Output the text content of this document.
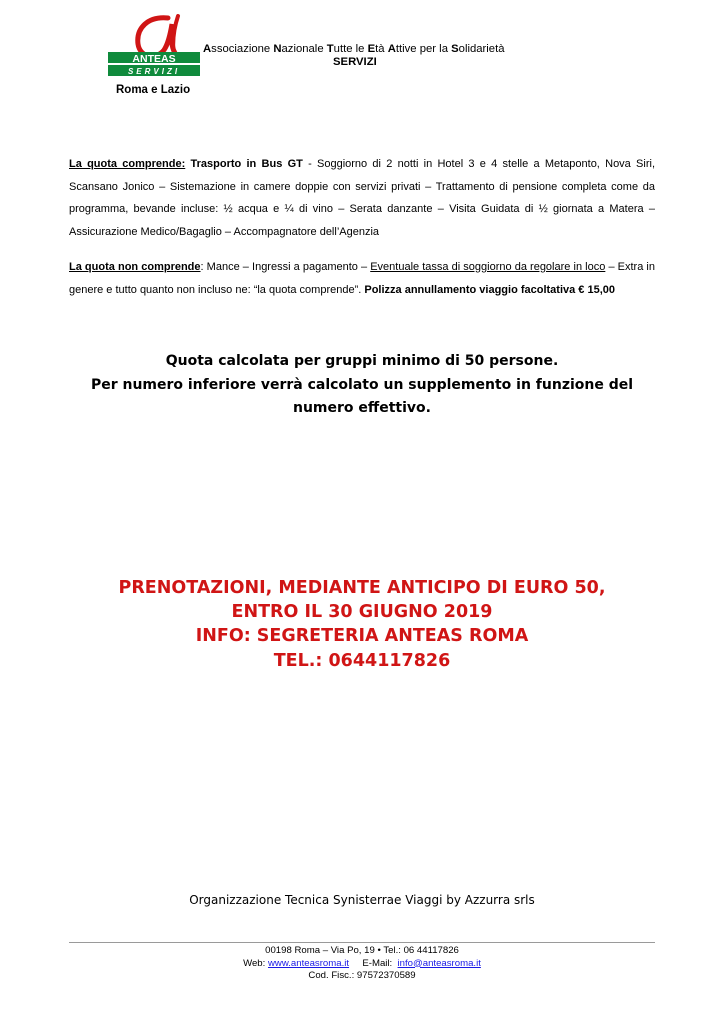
ANTEAS
SERVIZI
Roma e Lazio
Associazione Nazionale Tutte le Età Attive per la Solidarietà
SERVIZI
La quota comprende: Trasporto in Bus GT - Soggiorno di 2 notti in Hotel 3 e 4 stelle a Metaponto, Nova Siri, Scansano Jonico – Sistemazione in camere doppie con servizi privati – Trattamento di pensione completa come da programma, bevande incluse: ½ acqua e ¼ di vino – Serata danzante – Visita Guidata di ½ giornata a Matera – Assicurazione Medico/Bagaglio – Accompagnatore dell’Agenzia
La quota non comprende: Mance – Ingressi a pagamento – Eventuale tassa di soggiorno da regolare in loco – Extra in genere e tutto quanto non incluso ne: “la quota comprende”. Polizza annullamento viaggio facoltativa € 15,00
Quota calcolata per gruppi minimo di 50 persone.
Per numero inferiore verrà calcolato un supplemento in funzione del numero effettivo.
PRENOTAZIONI, MEDIANTE ANTICIPO DI EURO 50,
ENTRO IL 30 GIUGNO 2019
INFO: SEGRETERIA ANTEAS ROMA
TEL.: 0644117826
Organizzazione Tecnica Synisterrae Viaggi by Azzurra srls
00198 Roma – Via Po, 19 • Tel.: 06 44117826
Web: www.anteasroma.it     E-Mail:  info@anteasroma.it
Cod. Fisc.: 97572370589
